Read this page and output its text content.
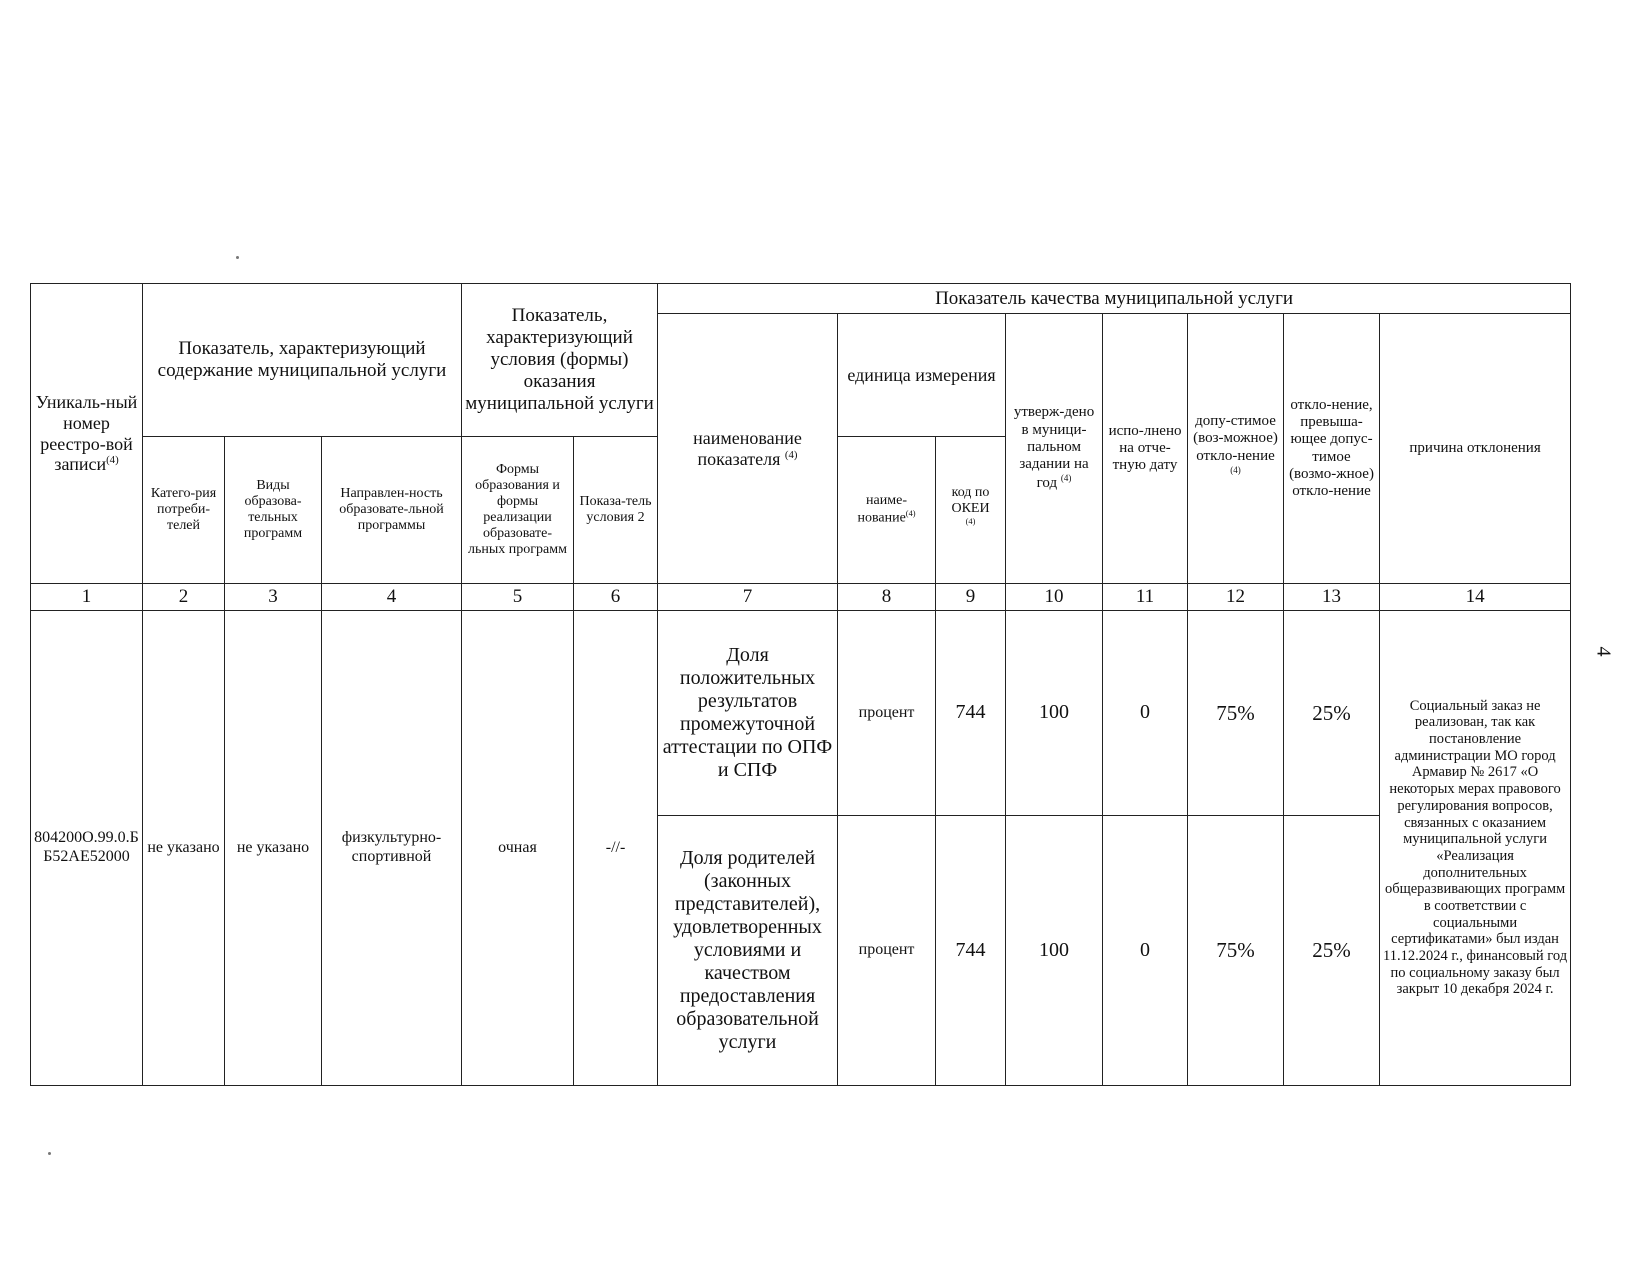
4
Уникаль-ный номер реестро-вой записи$^{(4)}$	Показатель, характеризующий содержание муниципальной услуги			Показатель, характеризующий условия (формы) оказания муниципальной услуги		Показатель качества муниципальной услуги							
						наименование показателя $^{(4)}$	единица измерения		утверж-дено в муници-пальном задании на год $^{(4)}$	испо-лнено на отче-тную дату	допу-стимое (воз-можное) откло-нение $^{(4)}$	откло-нение, превыша-ющее допус-тимое (возмо-жное) откло-нение	причина отклонения
	Катего-рия потреби-телей	Виды образова-тельных программ	Направлен-ность образовате-льной программы	Формы образования и формы реализации образовате-льных программ	Показа-тель условия 2		наиме-нование$^{(4)}$	код по ОКЕИ
$^{(4)}$
1	2	3	4	5	6	7	8	9	10	11	12	13	14
804200О.99.0.ББ52АЕ52000	не указано	не указано	физкультурно-спортивной	очная	-//-	Доля положительных результатов промежуточной аттестации по ОПФ и СПФ	процент	744	100	0	75%	25%	Социальный заказ не реализован, так как постановление администрации МО город Армавир № 2617 «О некоторых мерах правового регулирования вопросов, связанных с оказанием муниципальной услуги «Реализация дополнительных общеразвивающих программ в соответствии с социальными сертификатами» был издан 11.12.2024 г., финансовый год по социальному заказу был закрыт 10 декабря 2024 г.
						Доля родителей (законных представителей), удовлетворенных условиями и качеством предоставления образовательной услуги	процент	744	100	0	75%	25%	
